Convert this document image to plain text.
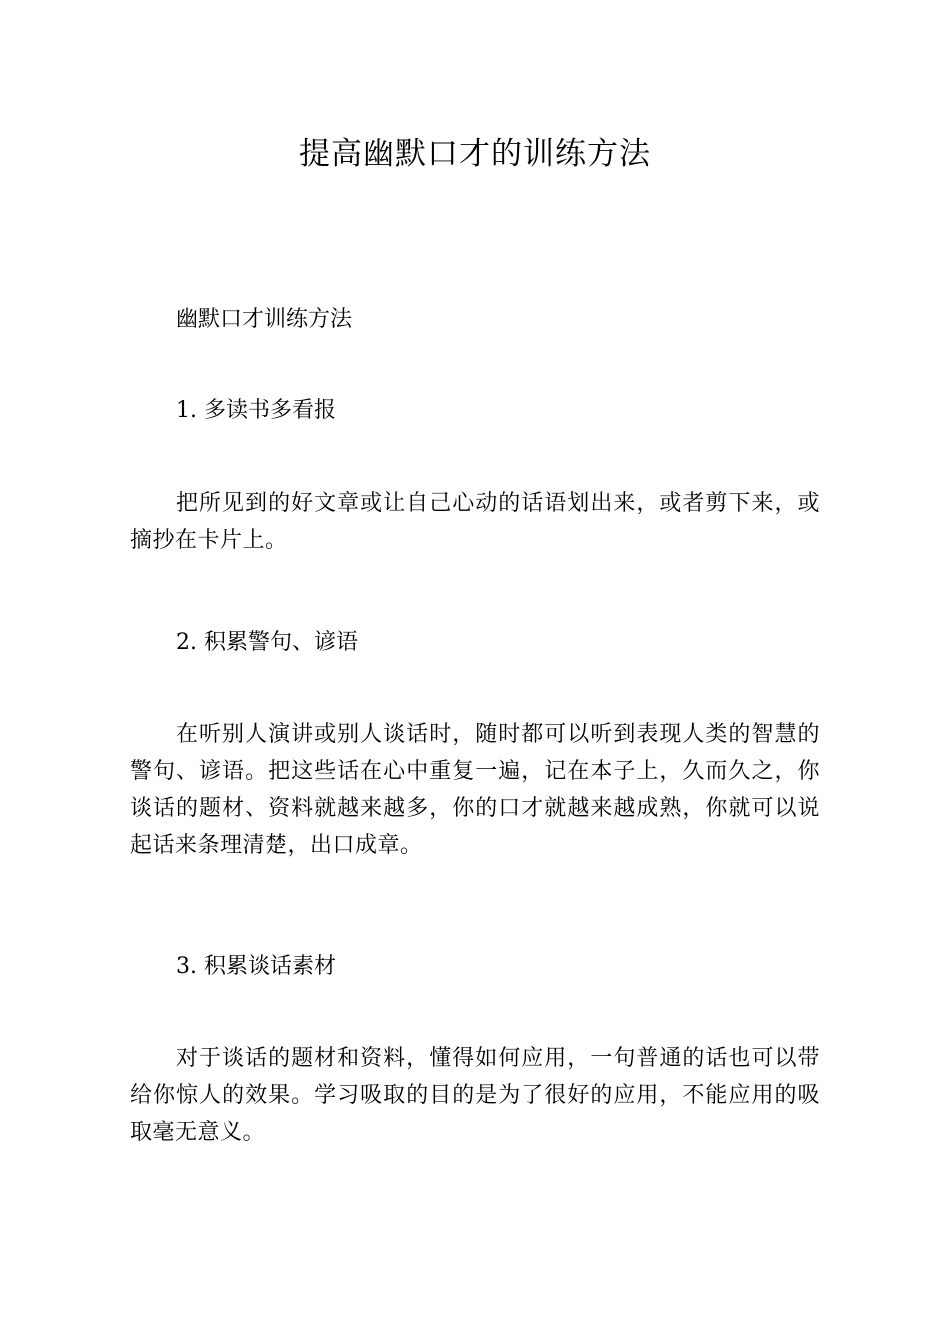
提高幽默口才的训练方法

幽默口才训练方法

1. 多读书多看报

把所见到的好文章或让自己心动的话语划出来，或者剪下来，或摘抄在卡片上。

2. 积累警句、谚语

在听别人演讲或别人谈话时，随时都可以听到表现人类的智慧的警句、谚语。把这些话在心中重复一遍，记在本子上，久而久之，你谈话的题材、资料就越来越多，你的口才就越来越成熟，你就可以说起话来条理清楚，出口成章。

3. 积累谈话素材

对于谈话的题材和资料，懂得如何应用，一句普通的话也可以带给你惊人的效果。学习吸取的目的是为了很好的应用，不能应用的吸取毫无意义。
